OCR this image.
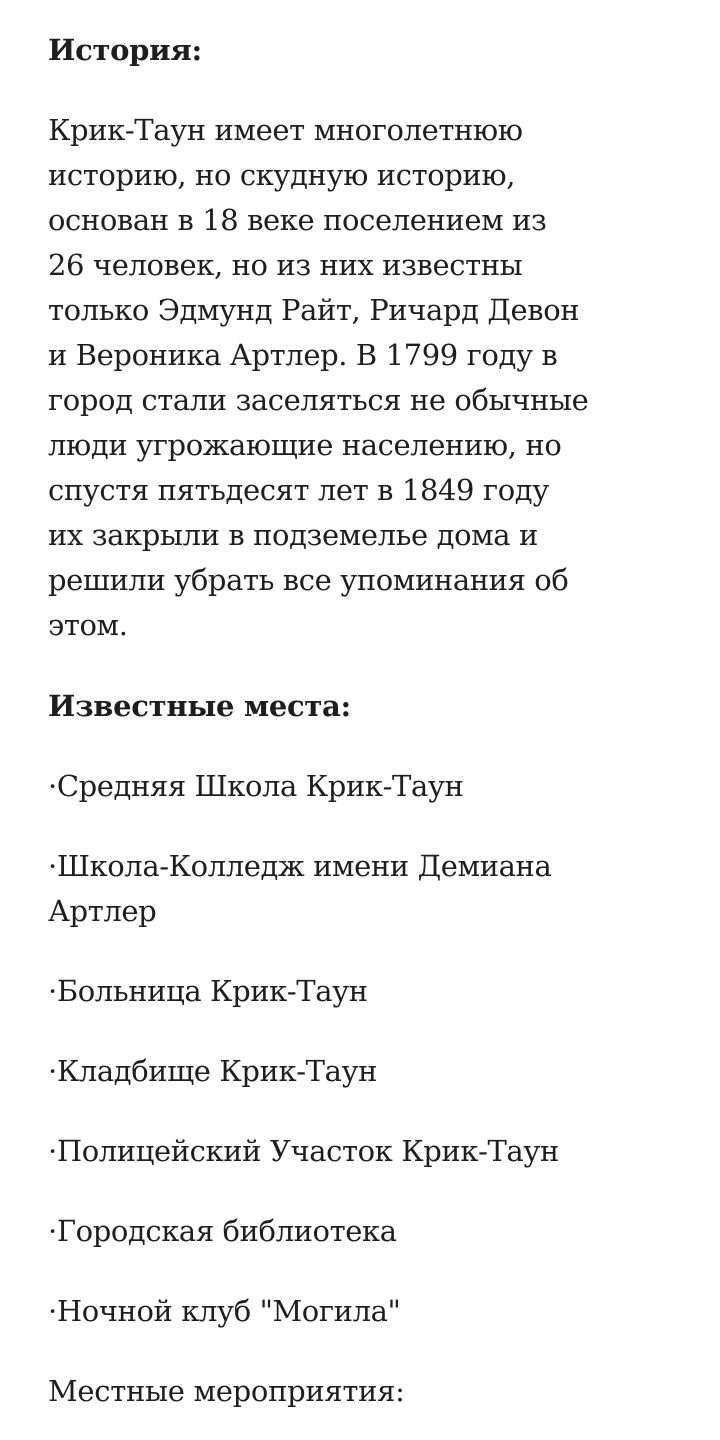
История:

Крик-Таун имеет многолетнюю
историю, но скудную историю,
основан в 18 веке поселением из
26 человек, но из них известны
только Эдмунд Райт, Ричард Девон
и Вероника Артлер. В 1799 году в
город стали заселяться не обычные
люди угрожающие населению, но
спустя пятьдесят лет в 1849 году
их закрыли в подземелье дома и
решили убрать все упоминания об
этом.

Известные места:
·Средняя Школа Крик-Таун
·Школа-Колледж имени Демиана
Артлер
·Больница Крик-Таун
·Кладбище Крик-Таун
·Полицейский Участок Крик-Таун
·Городская библиотека
·Ночной клуб "Могила"
Местные мероприятия:
